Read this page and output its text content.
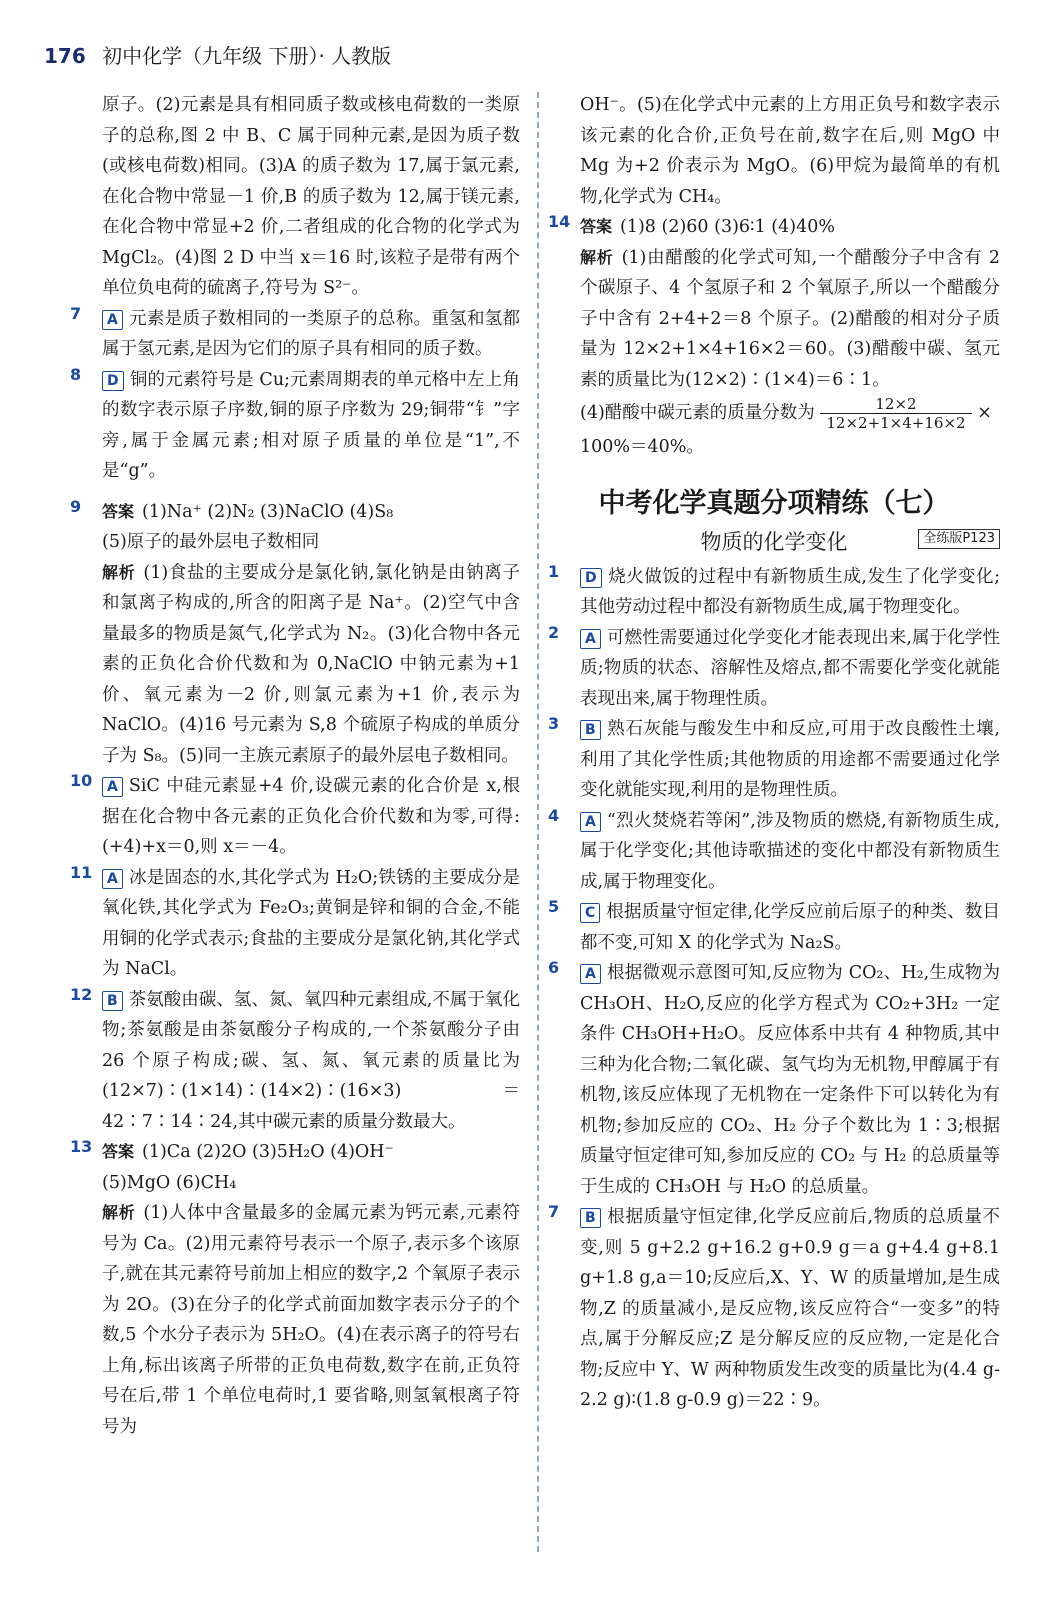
176 初中化学（九年级 下册）· 人教版

原子。(2)元素是具有相同质子数或核电荷数的一类原子的总称,图 2 中 B、C 属于同种元素,是因为质子数(或核电荷数)相同。(3)A 的质子数为 17,属于氯元素,在化合物中常显－1 价,B 的质子数为 12,属于镁元素,在化合物中常显+2 价,二者组成的化合物的化学式为 MgCl₂。(4)图 2 D 中当 x＝16 时,该粒子是带有两个单位负电荷的硫离子,符号为 S²⁻。

7	A 元素是质子数相同的一类原子的总称。重氢和氢都属于氢元素,是因为它们的原子具有相同的质子数。

8	D 铜的元素符号是 Cu;元素周期表的单元格中左上角的数字表示原子序数,铜的原子序数为 29;铜带“钅”字旁,属于金属元素;相对原子质量的单位是“1”,不是“g”。

9 答案 (1)Na⁺ (2)N₂ (3)NaClO (4)S₈

(5)原子的最外层电子数相同

解析 (1)食盐的主要成分是氯化钠,氯化钠是由钠离子和氯离子构成的,所含的阳离子是 Na⁺。(2)空气中含量最多的物质是氮气,化学式为 N₂。(3)化合物中各元素的正负化合价代数和为 0,NaClO 中钠元素为+1 价、氧元素为－2 价,则氯元素为+1 价,表示为 NaClO。(4)16 号元素为 S,8 个硫原子构成的单质分子为 S₈。(5)同一主族元素原子的最外层电子数相同。

10	A SiC 中硅元素显+4 价,设碳元素的化合价是 x,根据在化合物中各元素的正负化合价代数和为零,可得:(+4)+x＝0,则 x＝－4。

11	A 冰是固态的水,其化学式为 H₂O;铁锈的主要成分是氧化铁,其化学式为 Fe₂O₃;黄铜是锌和铜的合金,不能用铜的化学式表示;食盐的主要成分是氯化钠,其化学式为 NaCl。

12	B 茶氨酸由碳、氢、氮、氧四种元素组成,不属于氧化物;茶氨酸是由茶氨酸分子构成的,一个茶氨酸分子由 26 个原子构成;碳、氢、氮、氧元素的质量比为(12×7)∶(1×14)∶(14×2)∶(16×3)＝42∶7∶14∶24,其中碳元素的质量分数最大。

13 答案 (1)Ca (2)2O (3)5H₂O (4)OH⁻

(5)MgO (6)CH₄

解析 (1)人体中含量最多的金属元素为钙元素,元素符号为 Ca。(2)用元素符号表示一个原子,表示多个该原子,就在其元素符号前加上相应的数字,2 个氧原子表示为 2O。(3)在分子的化学式前面加数字表示分子的个数,5 个水分子表示为 5H₂O。(4)在表示离子的符号右上角,标出该离子所带的正负电荷数,数字在前,正负符号在后,带 1 个单位电荷时,1 要省略,则氢氧根离子符号为

OH⁻。(5)在化学式中元素的上方用正负号和数字表示该元素的化合价,正负号在前,数字在后,则 MgO 中 Mg 为+2 价表示为 MgO。(6)甲烷为最简单的有机物,化学式为 CH₄。

14 答案 (1)8 (2)60 (3)6∶1 (4)40%

解析 (1)由醋酸的化学式可知,一个醋酸分子中含有 2 个碳原子、4 个氢原子和 2 个氧原子,所以一个醋酸分子中含有 2+4+2＝8 个原子。(2)醋酸的相对分子质量为 12×2+1×4+16×2＝60。(3)醋酸中碳、氢元素的质量比为(12×2)∶(1×4)＝6∶1。

(4)醋酸中碳元素的质量分数为 $\frac{12\times 2}{12\times 2+1\times 4+16\times 2}$ ×

100%＝40%。

中考化学真题分项精练（七）
物质的化学变化	全练版P123
1	D 烧火做饭的过程中有新物质生成,发生了化学变化;其他劳动过程中都没有新物质生成,属于物理变化。

2	A 可燃性需要通过化学变化才能表现出来,属于化学性质;物质的状态、溶解性及熔点,都不需要化学变化就能表现出来,属于物理性质。

3	B 熟石灰能与酸发生中和反应,可用于改良酸性土壤,利用了其化学性质;其他物质的用途都不需要通过化学变化就能实现,利用的是物理性质。

4	A “烈火焚烧若等闲”,涉及物质的燃烧,有新物质生成,属于化学变化;其他诗歌描述的变化中都没有新物质生成,属于物理变化。

5	C 根据质量守恒定律,化学反应前后原子的种类、数目都不变,可知 X 的化学式为 Na₂S。

6	A 根据微观示意图可知,反应物为 CO₂、H₂,生成物为 CH₃OH、H₂O,反应的化学方程式为 CO₂+3H₂ 一定条件 CH₃OH+H₂O。反应体系中共有 4 种物质,其中三种为化合物;二氧化碳、氢气均为无机物,甲醇属于有机物,该反应体现了无机物在一定条件下可以转化为有机物;参加反应的 CO₂、H₂ 分子个数比为 1∶3;根据质量守恒定律可知,参加反应的 CO₂ 与 H₂ 的总质量等于生成的 CH₃OH 与 H₂O 的总质量。

7	B 根据质量守恒定律,化学反应前后,物质的总质量不变,则 5 g+2.2 g+16.2 g+0.9 g＝a g+4.4 g+8.1 g+1.8 g,a＝10;反应后,X、Y、W 的质量增加,是生成物,Z 的质量减小,是反应物,该反应符合“一变多”的特点,属于分解反应;Z 是分解反应的反应物,一定是化合物;反应中 Y、W 两种物质发生改变的质量比为(4.4 g-2.2 g)∶(1.8 g-0.9 g)＝22∶9。
